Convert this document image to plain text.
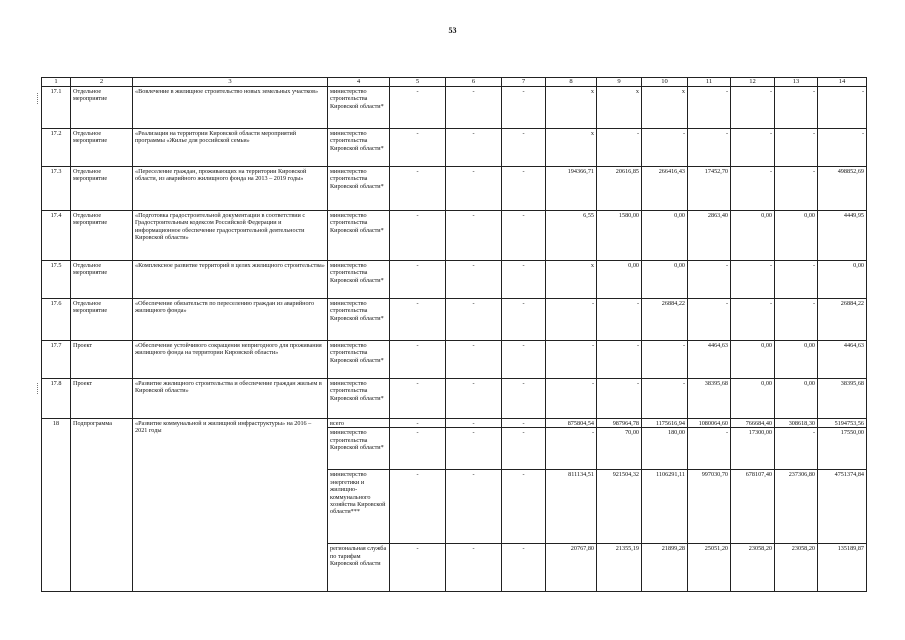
53
1	2	3	4	5	6	7	8	9	10	11	12	13	14
17.1	Отдельное мероприятие	«Вовлечение в жилищное строительство новых земельных участков»	министерство строительства Кировской области*	-	-	-	х	х	х	-	-	-	-
17.2	Отдельное мероприятие	«Реализация на территории Кировской области мероприятий программы «Жилье для российской семьи»	министерство строительства Кировской области*	-	-	-	х	-	-	-	-	-	-
17.3	Отдельное мероприятие	«Переселение граждан, проживающих на территории Кировской области, из аварийного жилищного фонда на 2013 – 2019 годы»	министерство строительства Кировской области*	-	-	-	194366,71	20616,85	266416,43	17452,70	-	-	498852,69
17.4	Отдельное мероприятие	«Подготовка градостроительной документации в соответствии с Градостроительным кодексом Российской Федерации и информационное обеспечение градостроительной деятельности Кировской области»	министерство строительства Кировской области*	-	-	-	6,55	1580,00	0,00	2863,40	0,00	0,00	4449,95
17.5	Отдельное мероприятие	«Комплексное развитие территорий в целях жилищного строительства»	министерство строительства Кировской области*	-	-	-	х	0,00	0,00	-	-	-	0,00
17.6	Отдельное мероприятие	«Обеспечение обязательств по переселению граждан из аварийного жилищного фонда»	министерство строительства Кировской области*	-	-	-	-	-	26884,22	-	-	-	26884,22
17.7	Проект	«Обеспечение устойчивого сокращения непригодного для проживания жилищного фонда на территории Кировской области»	министерство строительства Кировской области*	-	-	-	-	-	-	4464,63	0,00	0,00	4464,63
17.8	Проект	«Развитие жилищного строительства и обеспечение граждан жильем в Кировской области»	министерство строительства Кировской области*	-	-	-	-	-	-	38395,68	0,00	0,00	38395,68
18	Подпрограмма	«Развитие коммунальной и жилищной инфраструктуры» на 2016 – 2021 годы	всего	-	-	-	875804,54	987964,78	1175616,94	1080064,60	766684,40	308618,30	5194753,56
			министерство строительства Кировской области*	-	-	-	-	70,00	180,00	-	17300,00	-	17550,00
			министерство энергетики и жилищно-коммунального хозяйства Кировской области***	-	-	-	811134,51	921504,32	1106291,11	997030,70	678107,40	237306,80	4751374,84
			региональная служба по тарифам Кировской области	-	-	-	20767,80	21355,19	21899,28	25051,20	23058,20	23058,20	135189,87
